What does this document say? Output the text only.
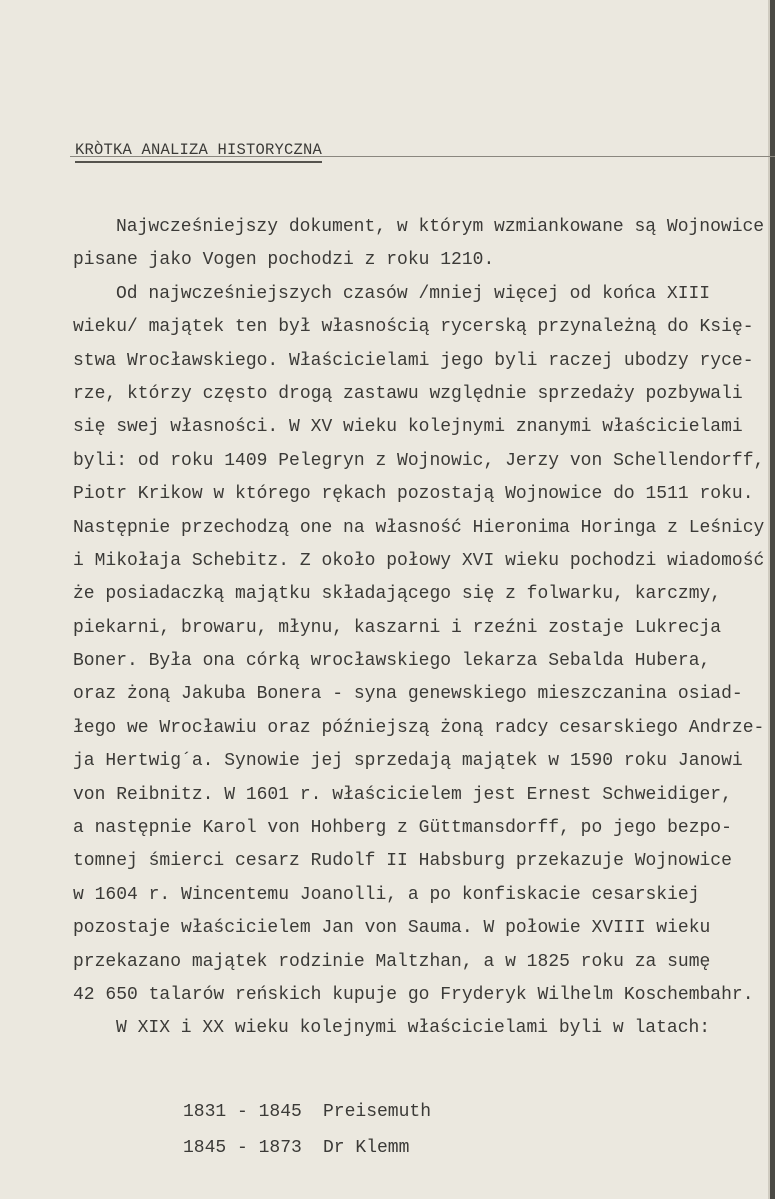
KRÒTKA ANALIZA HISTORYCZNA
Najwcześniejszy dokument, w którym wzmiankowane są Wojnowice
pisane jako Vogen pochodzi z roku 1210.
Od najwcześniejszych czasów /mniej więcej od końca XIII
wieku/ majątek ten był własnością rycerską przynależną do Księ-
stwa Wrocławskiego. Właścicielami jego byli raczej ubodzy ryce-
rze, którzy często drogą zastawu względnie sprzedaży pozbywali
się swej własności. W XV wieku kolejnymi znanymi właścicielami
byli: od roku 1409 Pelegryn z Wojnowic, Jerzy von Schellendorff,
Piotr Krikow w którego rękach pozostają Wojnowice do 1511 roku.
Następnie przechodzą one na własność Hieronima Horinga z Leśnicy
i Mikołaja Schebitz. Z około połowy XVI wieku pochodzi wiadomość
że posiadaczką majątku składającego się z folwarku, karczmy,
piekarni, browaru, młynu, kaszarni i rzeźni zostaje Lukrecja
Boner. Była ona córką wrocławskiego lekarza Sebalda Hubera,
oraz żoną Jakuba Bonera - syna genewskiego mieszczanina osiad-
łego we Wrocławiu oraz późniejszą żoną radcy cesarskiego Andrze-
ja Hertwig´a. Synowie jej sprzedają majątek w 1590 roku Janowi
von Reibnitz. W 1601 r. właścicielem jest Ernest Schweidiger,
a następnie Karol von Hohberg z Güttmansdorff, po jego bezpo-
tomnej śmierci cesarz Rudolf II Habsburg przekazuje Wojnowice
w 1604 r. Wincentemu Joanolli, a po konfiskacie cesarskiej
pozostaje właścicielem Jan von Sauma. W połowie XVIII wieku
przekazano majątek rodzinie Maltzhan, a w 1825 roku za sumę
42 650 talarów reńskich kupuje go Fryderyk Wilhelm Koschembahr.
W XIX i XX wieku kolejnymi właścicielami byli w latach:
1831 - 1845 Preisemuth
1845 - 1873 Dr Klemm
